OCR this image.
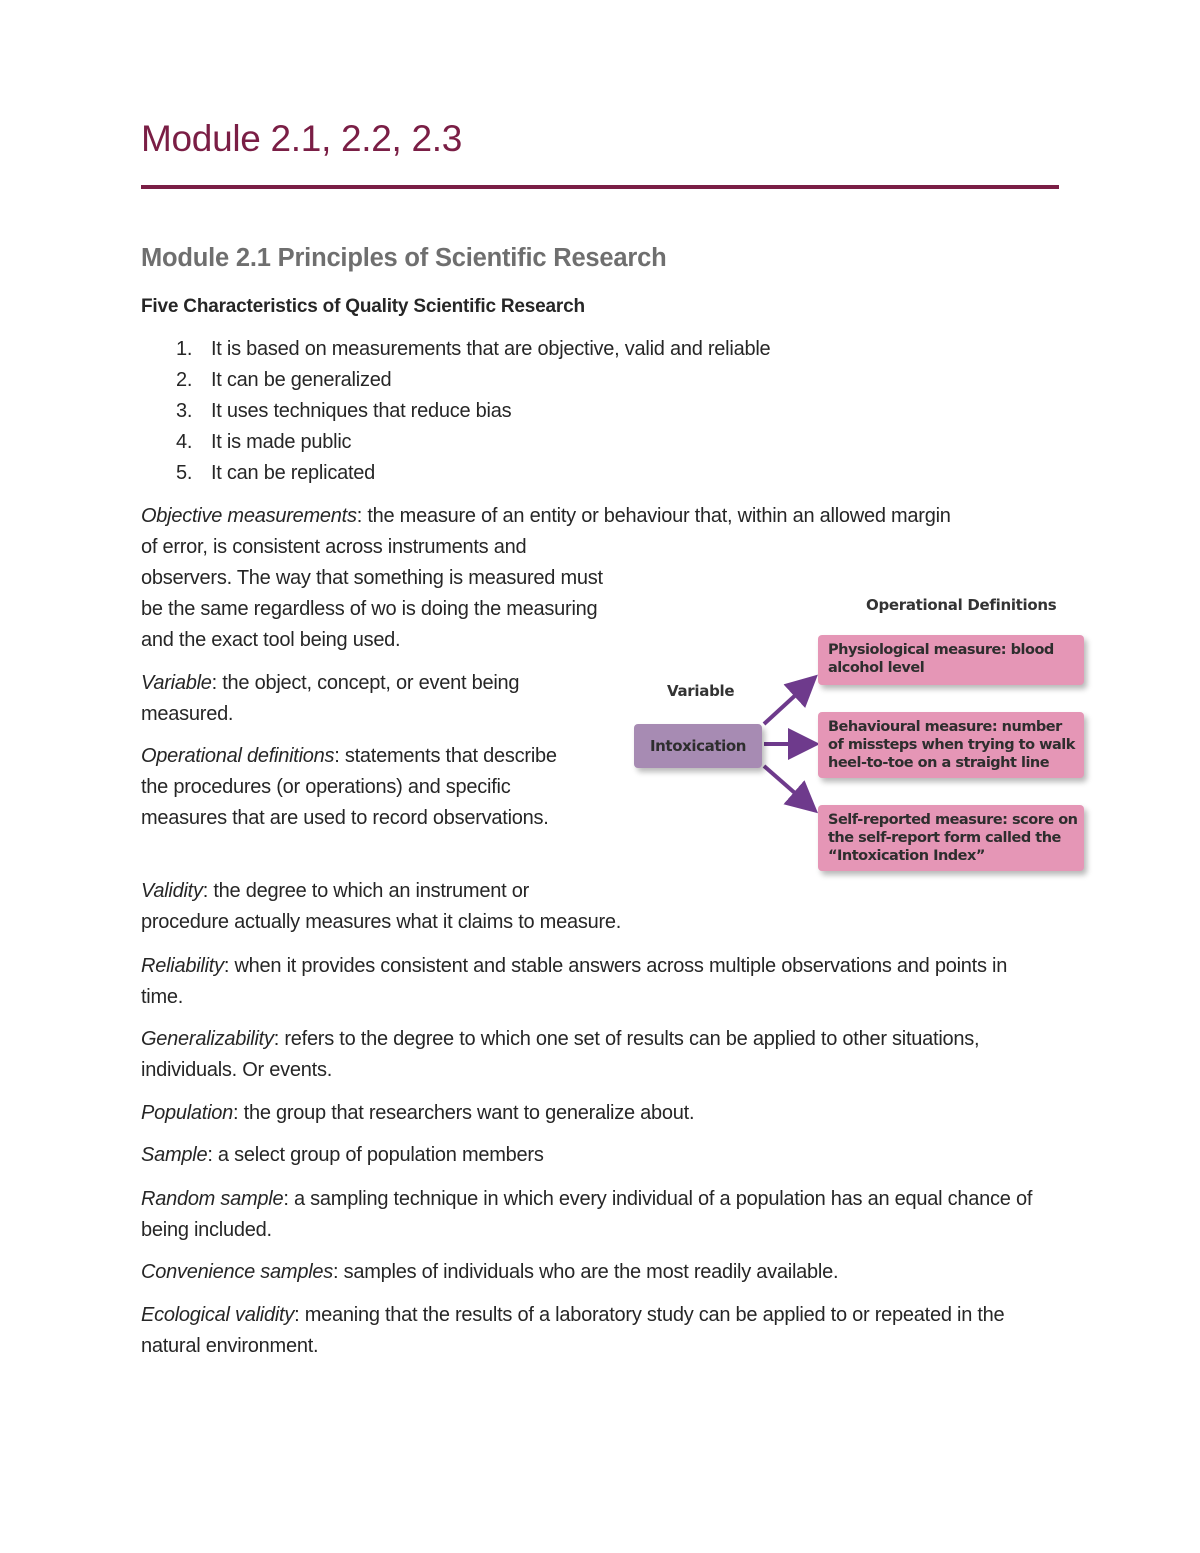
Module 2.1, 2.2, 2.3
Module 2.1 Principles of Scientific Research
Five Characteristics of Quality Scientific Research
1. It is based on measurements that are objective, valid and reliable
2. It can be generalized
3. It uses techniques that reduce bias
4. It is made public
5. It can be replicated

Objective measurements: the measure of an entity or behaviour that, within an allowed margin

of error, is consistent across instruments and observers. The way that something is measured must be the same regardless of wo is doing the measuring and the exact tool being used.

Variable: the object, concept, or event being measured.

Operational definitions: statements that describe the procedures (or operations) and specific measures that are used to record observations.

Validity: the degree to which an instrument or

procedure actually measures what it claims to measure.

Reliability: when it provides consistent and stable answers across multiple observations and points in time.

Generalizability: refers to the degree to which one set of results can be applied to other situations, individuals. Or events.

Population: the group that researchers want to generalize about.

Sample: a select group of population members

Random sample: a sampling technique in which every individual of a population has an equal chance of being included.

Convenience samples: samples of individuals who are the most readily available.

Ecological validity: meaning that the results of a laboratory study can be applied to or repeated in the natural environment.

Operational Definitions
Variable
Intoxication
Physiological measure: blood alcohol level
Behavioural measure: number of missteps when trying to walk heel-to-toe on a straight line
Self-reported measure: score on the self-report form called the “Intoxication Index”
